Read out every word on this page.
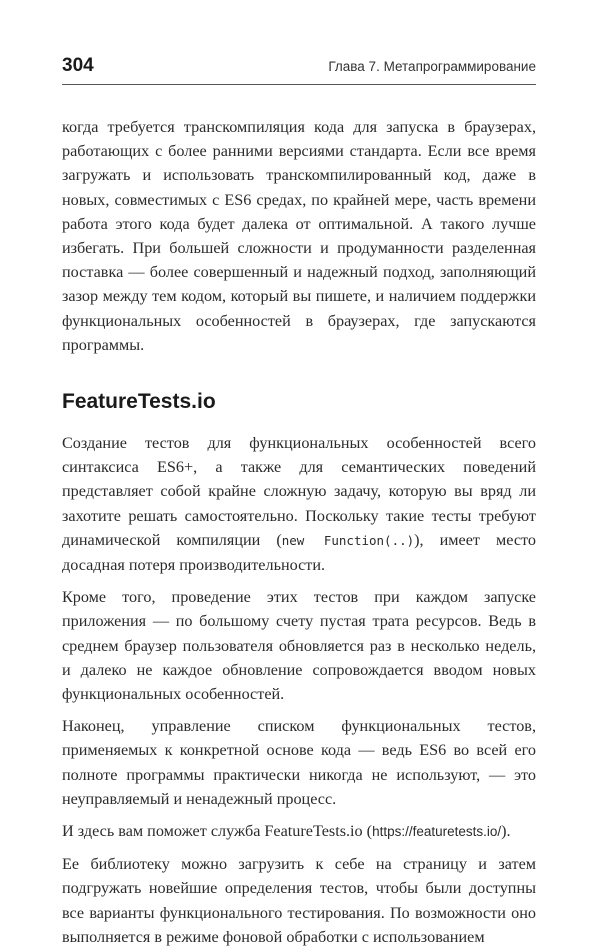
304	Глава 7. Метапрограммирование

когда требуется транскомпиляция кода для запуска в браузерах, работающих с более ранними версиями стандарта. Если все время загружать и использовать транскомпилированный код, даже в новых, совместимых с ES6 средах, по крайней мере, часть времени работа этого кода будет далека от оптимальной. А такого лучше избегать. При большей сложности и продуманности разделенная поставка — более совершенный и надежный подход, заполняющий зазор между тем кодом, который вы пишете, и наличием поддержки функциональных особенностей в браузерах, где запускаются программы.

FeatureTests.io

Создание тестов для функциональных особенностей всего синтаксиса ES6+, а также для семантических поведений представляет собой крайне сложную задачу, которую вы вряд ли захотите решать самостоятельно. Поскольку такие тесты требуют динамической компиляции (new Function(..)), имеет место досадная потеря производительности.

Кроме того, проведение этих тестов при каждом запуске приложения — по большому счету пустая трата ресурсов. Ведь в среднем браузер пользователя обновляется раз в несколько недель, и далеко не каждое обновление сопровождается вводом новых функциональных особенностей.

Наконец, управление списком функциональных тестов, применяемых к конкретной основе кода — ведь ES6 во всей его полноте программы практически никогда не используют, — это неуправляемый и ненадежный процесс.

И здесь вам поможет служба FeatureTests.io (https://featuretests.io/).

Ее библиотеку можно загрузить к себе на страницу и затем подгружать новейшие определения тестов, чтобы были доступны все варианты функционального тестирования. По возможности оно выполняется в режиме фоновой обработки с использованием
